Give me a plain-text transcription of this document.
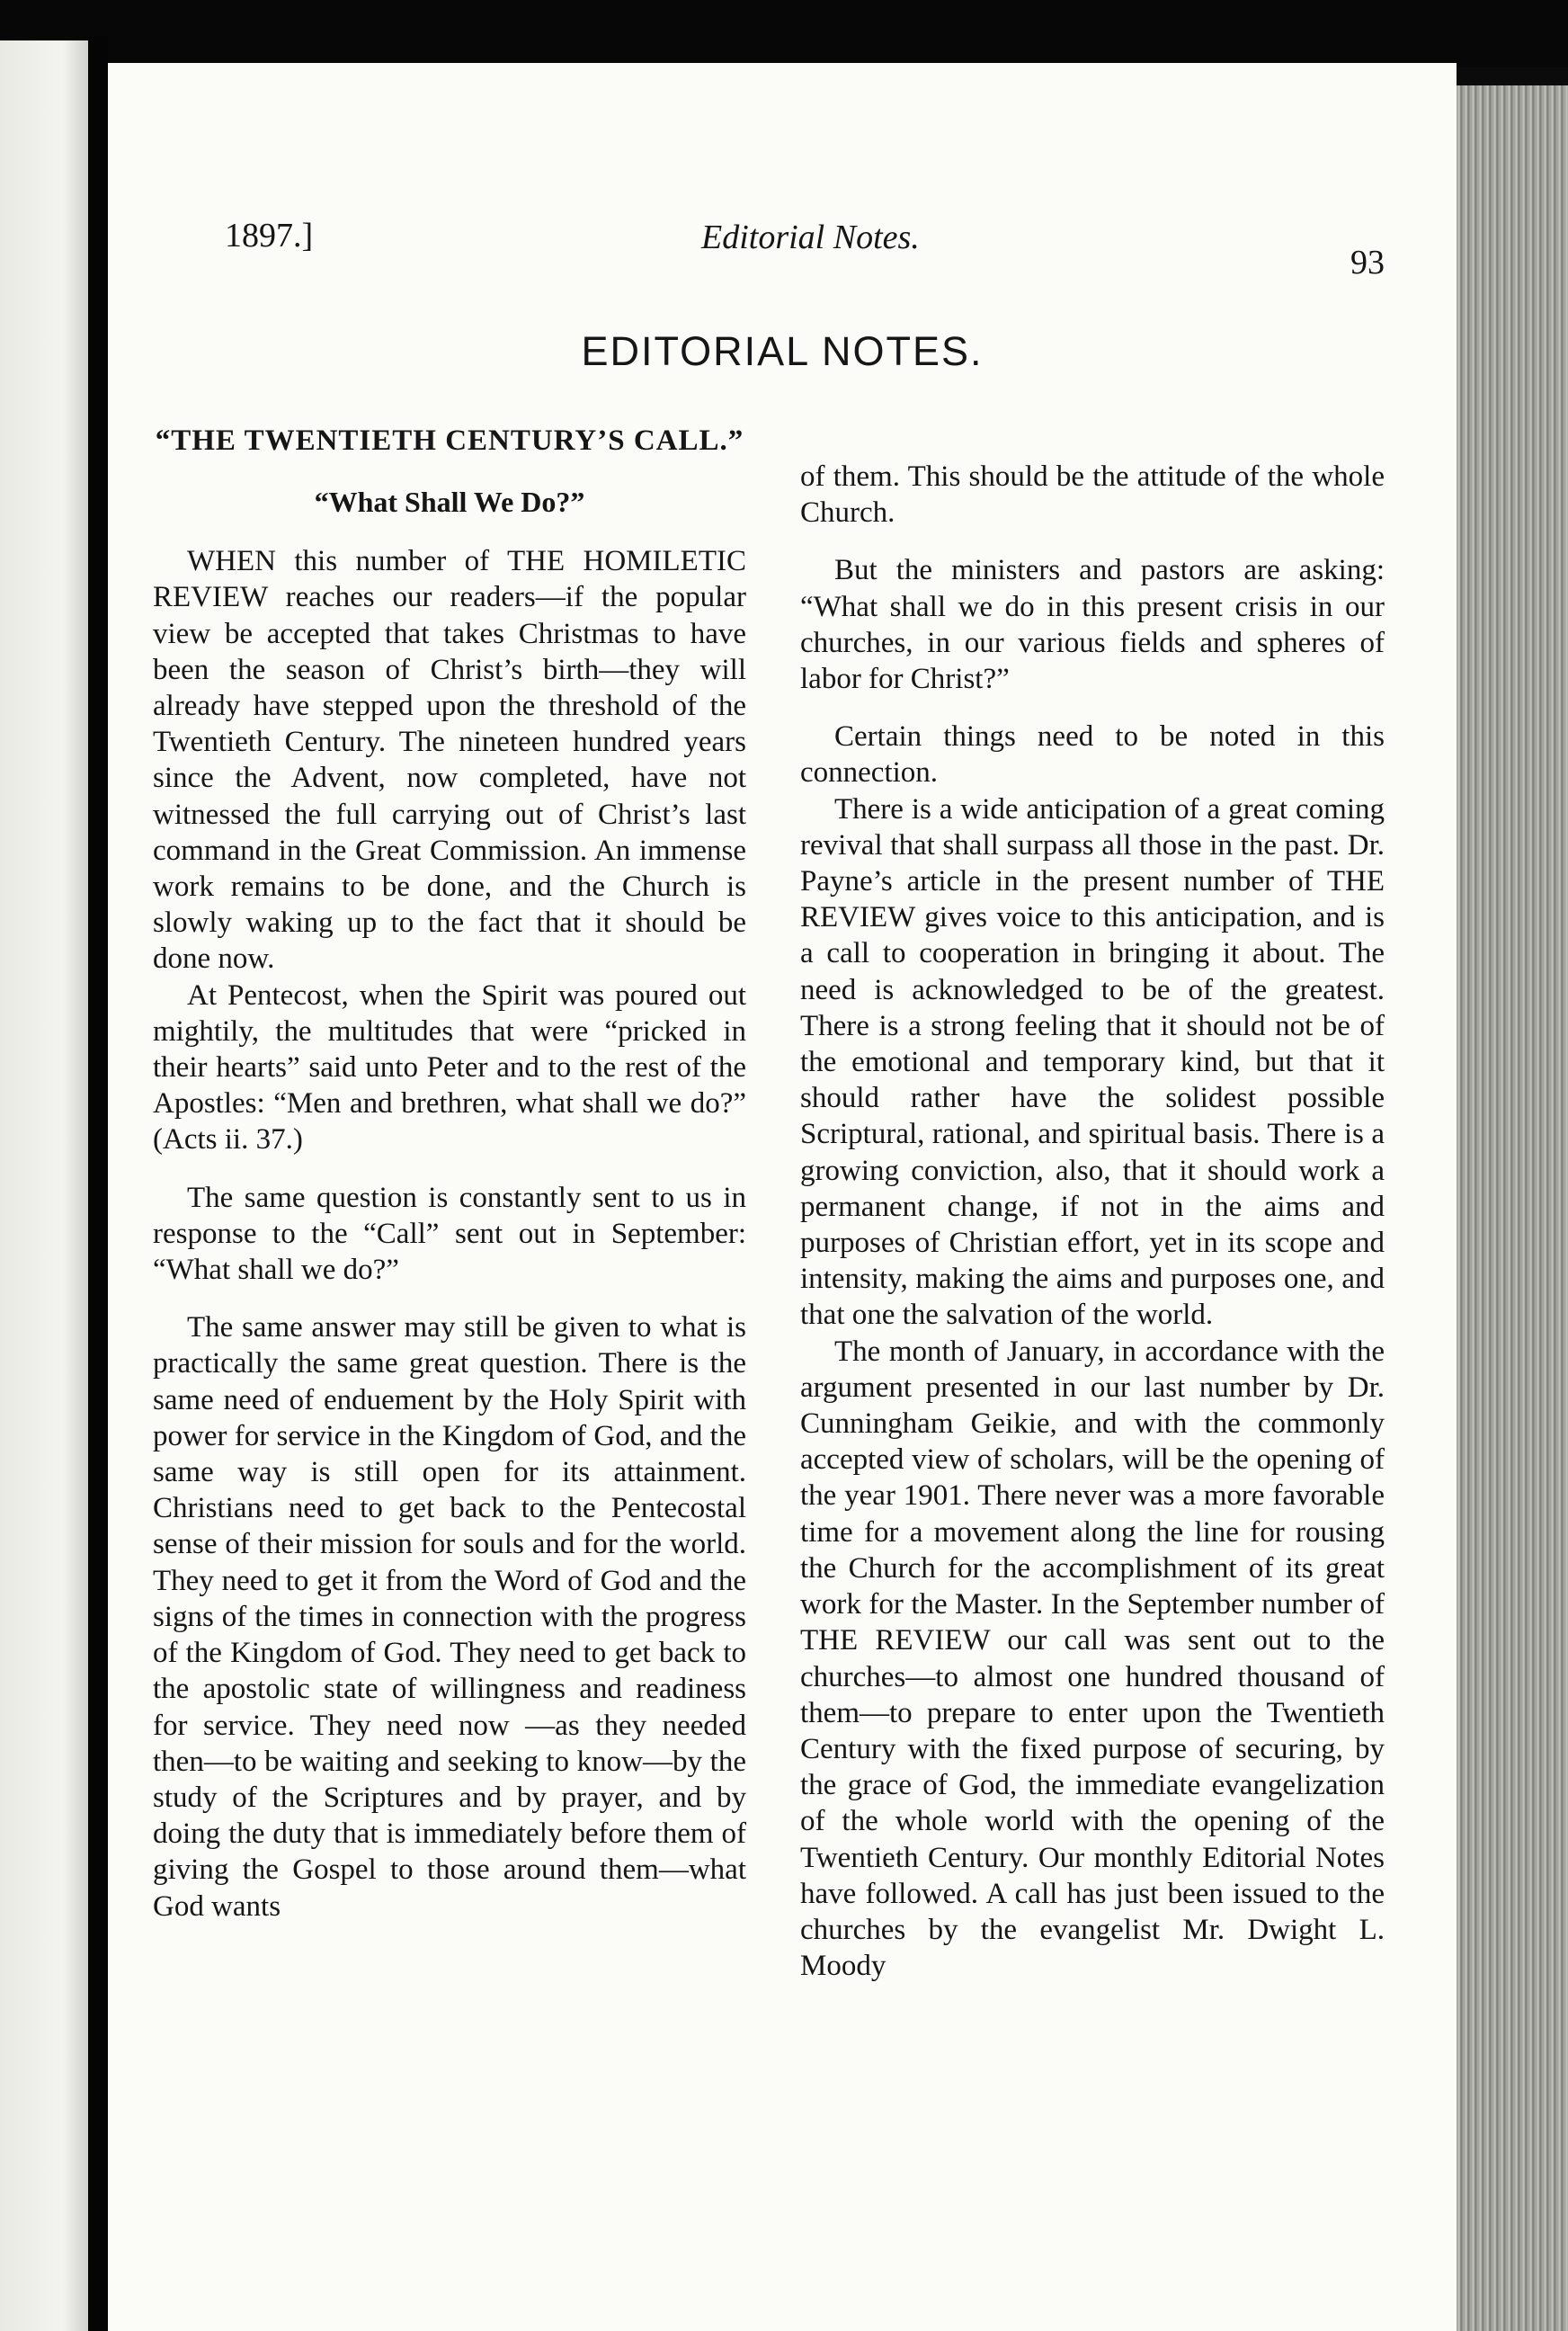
1897.]	Editorial Notes.
93
EDITORIAL NOTES.
“THE TWENTIETH CENTURY’S CALL.”
“What Shall We Do?”

WHEN this number of THE HOMILETIC REVIEW reaches our readers—if the popular view be accepted that takes Christmas to have been the season of Christ’s birth—they will already have stepped upon the threshold of the Twentieth Century. The nineteen hundred years since the Advent, now completed, have not witnessed the full carrying out of Christ’s last command in the Great Commission. An immense work remains to be done, and the Church is slowly waking up to the fact that it should be done now.

At Pentecost, when the Spirit was poured out mightily, the multitudes that were “pricked in their hearts” said unto Peter and to the rest of the Apostles: “Men and brethren, what shall we do?” (Acts ii. 37.)

The same question is constantly sent to us in response to the “Call” sent out in September: “What shall we do?”

The same answer may still be given to what is practically the same great question. There is the same need of enduement by the Holy Spirit with power for service in the Kingdom of God, and the same way is still open for its attainment. Christians need to get back to the Pentecostal sense of their mission for souls and for the world. They need to get it from the Word of God and the signs of the times in connection with the progress of the Kingdom of God. They need to get back to the apostolic state of willingness and readiness for service. They need now —as they needed then—to be waiting and seeking to know—by the study of the Scriptures and by prayer, and by doing the duty that is immediately before them of giving the Gospel to those around them—what God wants

of them. This should be the attitude of the whole Church.

But the ministers and pastors are asking: “What shall we do in this present crisis in our churches, in our various fields and spheres of labor for Christ?”

Certain things need to be noted in this connection.

There is a wide anticipation of a great coming revival that shall surpass all those in the past. Dr. Payne’s article in the present number of THE REVIEW gives voice to this anticipation, and is a call to cooperation in bringing it about. The need is acknowledged to be of the greatest. There is a strong feeling that it should not be of the emotional and temporary kind, but that it should rather have the solidest possible Scriptural, rational, and spiritual basis. There is a growing conviction, also, that it should work a permanent change, if not in the aims and purposes of Christian effort, yet in its scope and intensity, making the aims and purposes one, and that one the salvation of the world.

The month of January, in accordance with the argument presented in our last number by Dr. Cunningham Geikie, and with the commonly accepted view of scholars, will be the opening of the year 1901. There never was a more favorable time for a movement along the line for rousing the Church for the accomplishment of its great work for the Master. In the September number of THE REVIEW our call was sent out to the churches—to almost one hundred thousand of them—to prepare to enter upon the Twentieth Century with the fixed purpose of securing, by the grace of God, the immediate evangelization of the whole world with the opening of the Twentieth Century. Our monthly Editorial Notes have followed. A call has just been issued to the churches by the evangelist Mr. Dwight L. Moody
